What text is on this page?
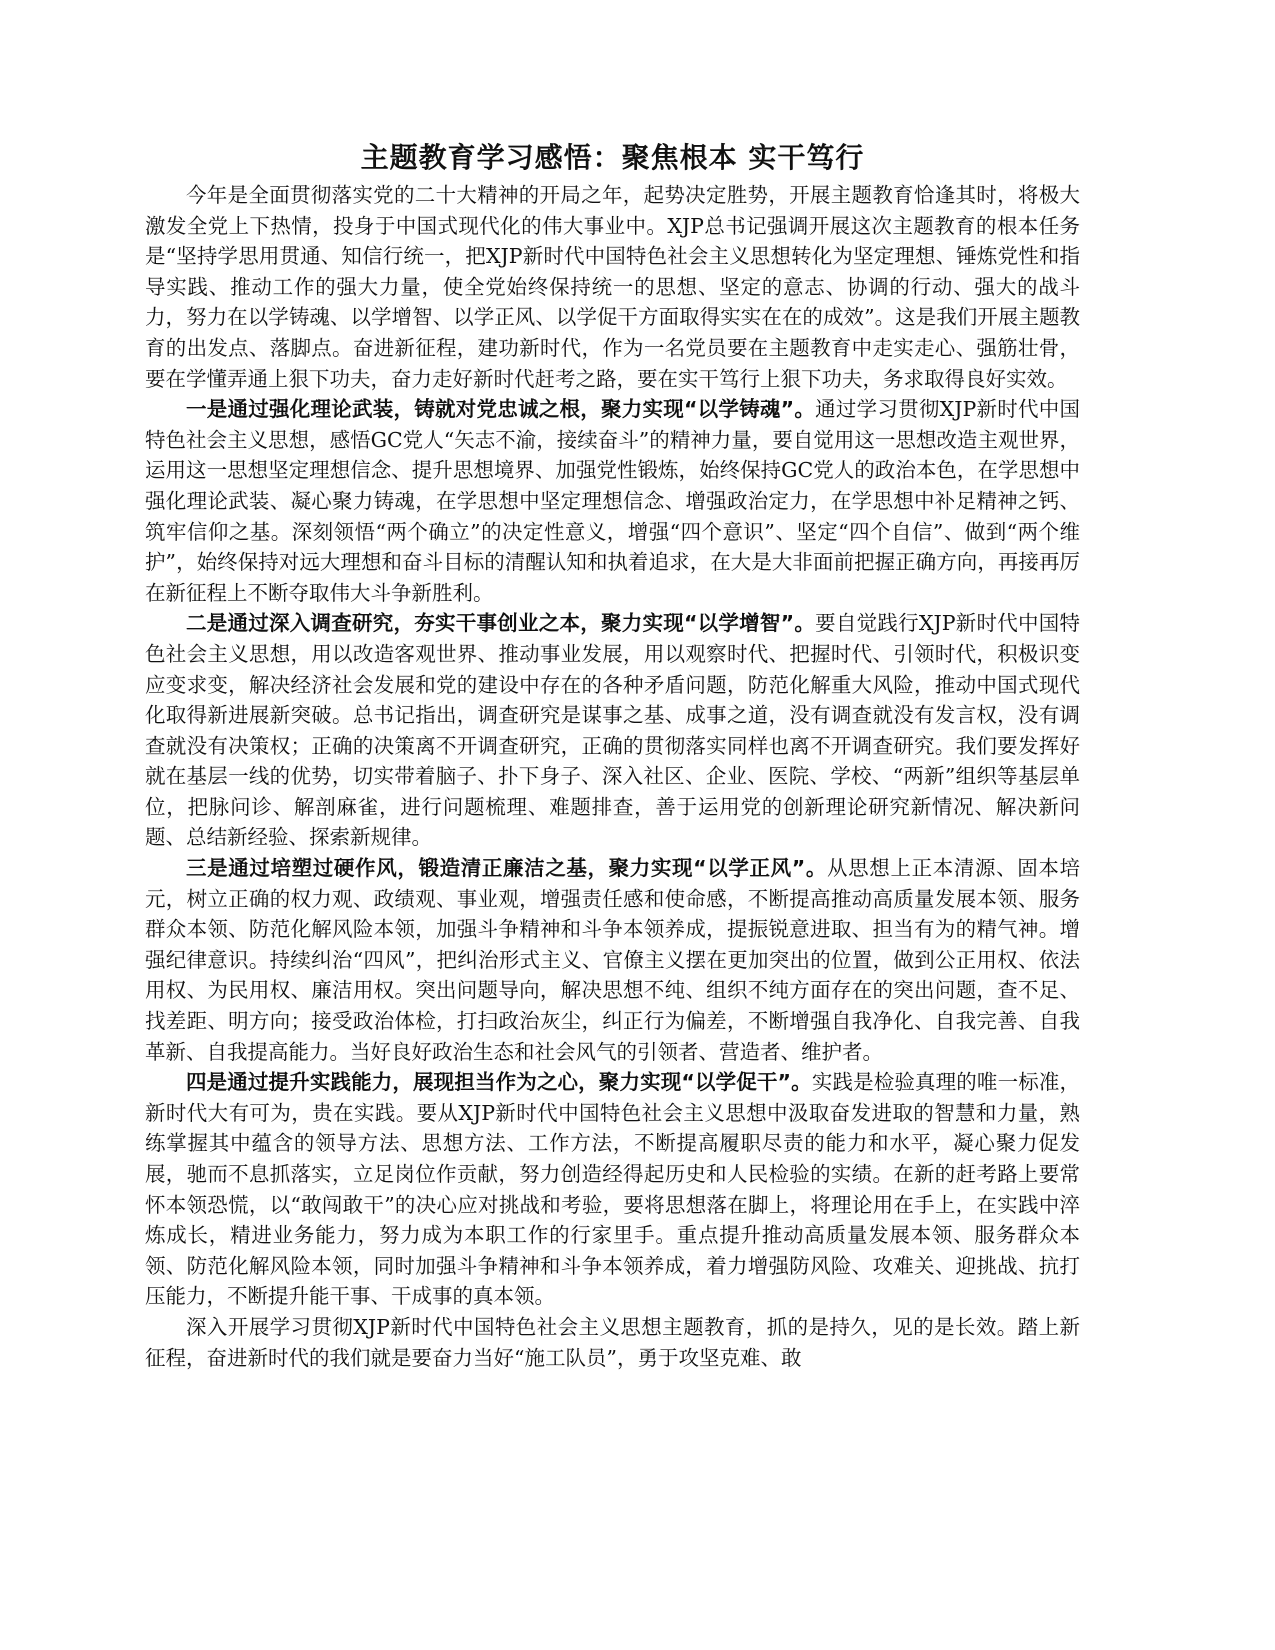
主题教育学习感悟：聚焦根本 实干笃行

今年是全面贯彻落实党的二十大精神的开局之年，起势决定胜势，开展主题教育恰逢其时，将极大激发全党上下热情，投身于中国式现代化的伟大事业中。XJP总书记强调开展这次主题教育的根本任务是“坚持学思用贯通、知信行统一，把XJP新时代中国特色社会主义思想转化为坚定理想、锤炼党性和指导实践、推动工作的强大力量，使全党始终保持统一的思想、坚定的意志、协调的行动、强大的战斗力，努力在以学铸魂、以学增智、以学正风、以学促干方面取得实实在在的成效”。这是我们开展主题教育的出发点、落脚点。奋进新征程，建功新时代，作为一名党员要在主题教育中走实走心、强筋壮骨，要在学懂弄通上狠下功夫，奋力走好新时代赶考之路，要在实干笃行上狠下功夫，务求取得良好实效。

一是通过强化理论武装，铸就对党忠诚之根，聚力实现“以学铸魂”。通过学习贯彻XJP新时代中国特色社会主义思想，感悟GC党人“矢志不渝，接续奋斗”的精神力量，要自觉用这一思想改造主观世界，运用这一思想坚定理想信念、提升思想境界、加强党性锻炼，始终保持GC党人的政治本色，在学思想中强化理论武装、凝心聚力铸魂，在学思想中坚定理想信念、增强政治定力，在学思想中补足精神之钙、筑牢信仰之基。深刻领悟“两个确立”的决定性意义，增强“四个意识”、坚定“四个自信”、做到“两个维护”，始终保持对远大理想和奋斗目标的清醒认知和执着追求，在大是大非面前把握正确方向，再接再厉在新征程上不断夺取伟大斗争新胜利。

二是通过深入调查研究，夯实干事创业之本，聚力实现“以学增智”。要自觉践行XJP新时代中国特色社会主义思想，用以改造客观世界、推动事业发展，用以观察时代、把握时代、引领时代，积极识变应变求变，解决经济社会发展和党的建设中存在的各种矛盾问题，防范化解重大风险，推动中国式现代化取得新进展新突破。总书记指出，调查研究是谋事之基、成事之道，没有调查就没有发言权，没有调查就没有决策权；正确的决策离不开调查研究，正确的贯彻落实同样也离不开调查研究。我们要发挥好就在基层一线的优势，切实带着脑子、扑下身子、深入社区、企业、医院、学校、“两新”组织等基层单位，把脉问诊、解剖麻雀，进行问题梳理、难题排查，善于运用党的创新理论研究新情况、解决新问题、总结新经验、探索新规律。

三是通过培塑过硬作风，锻造清正廉洁之基，聚力实现“以学正风”。从思想上正本清源、固本培元，树立正确的权力观、政绩观、事业观，增强责任感和使命感，不断提高推动高质量发展本领、服务群众本领、防范化解风险本领，加强斗争精神和斗争本领养成，提振锐意进取、担当有为的精气神。增强纪律意识。持续纠治“四风”，把纠治形式主义、官僚主义摆在更加突出的位置，做到公正用权、依法用权、为民用权、廉洁用权。突出问题导向，解决思想不纯、组织不纯方面存在的突出问题，查不足、找差距、明方向；接受政治体检，打扫政治灰尘，纠正行为偏差，不断增强自我净化、自我完善、自我革新、自我提高能力。当好良好政治生态和社会风气的引领者、营造者、维护者。

四是通过提升实践能力，展现担当作为之心，聚力实现“以学促干”。实践是检验真理的唯一标准，新时代大有可为，贵在实践。要从XJP新时代中国特色社会主义思想中汲取奋发进取的智慧和力量，熟练掌握其中蕴含的领导方法、思想方法、工作方法，不断提高履职尽责的能力和水平，凝心聚力促发展，驰而不息抓落实，立足岗位作贡献，努力创造经得起历史和人民检验的实绩。在新的赶考路上要常怀本领恐慌，以“敢闯敢干”的决心应对挑战和考验，要将思想落在脚上，将理论用在手上，在实践中淬炼成长，精进业务能力，努力成为本职工作的行家里手。重点提升推动高质量发展本领、服务群众本领、防范化解风险本领，同时加强斗争精神和斗争本领养成，着力增强防风险、攻难关、迎挑战、抗打压能力，不断提升能干事、干成事的真本领。

深入开展学习贯彻XJP新时代中国特色社会主义思想主题教育，抓的是持久，见的是长效。踏上新征程，奋进新时代的我们就是要奋力当好“施工队员”，勇于攻坚克难、敢
